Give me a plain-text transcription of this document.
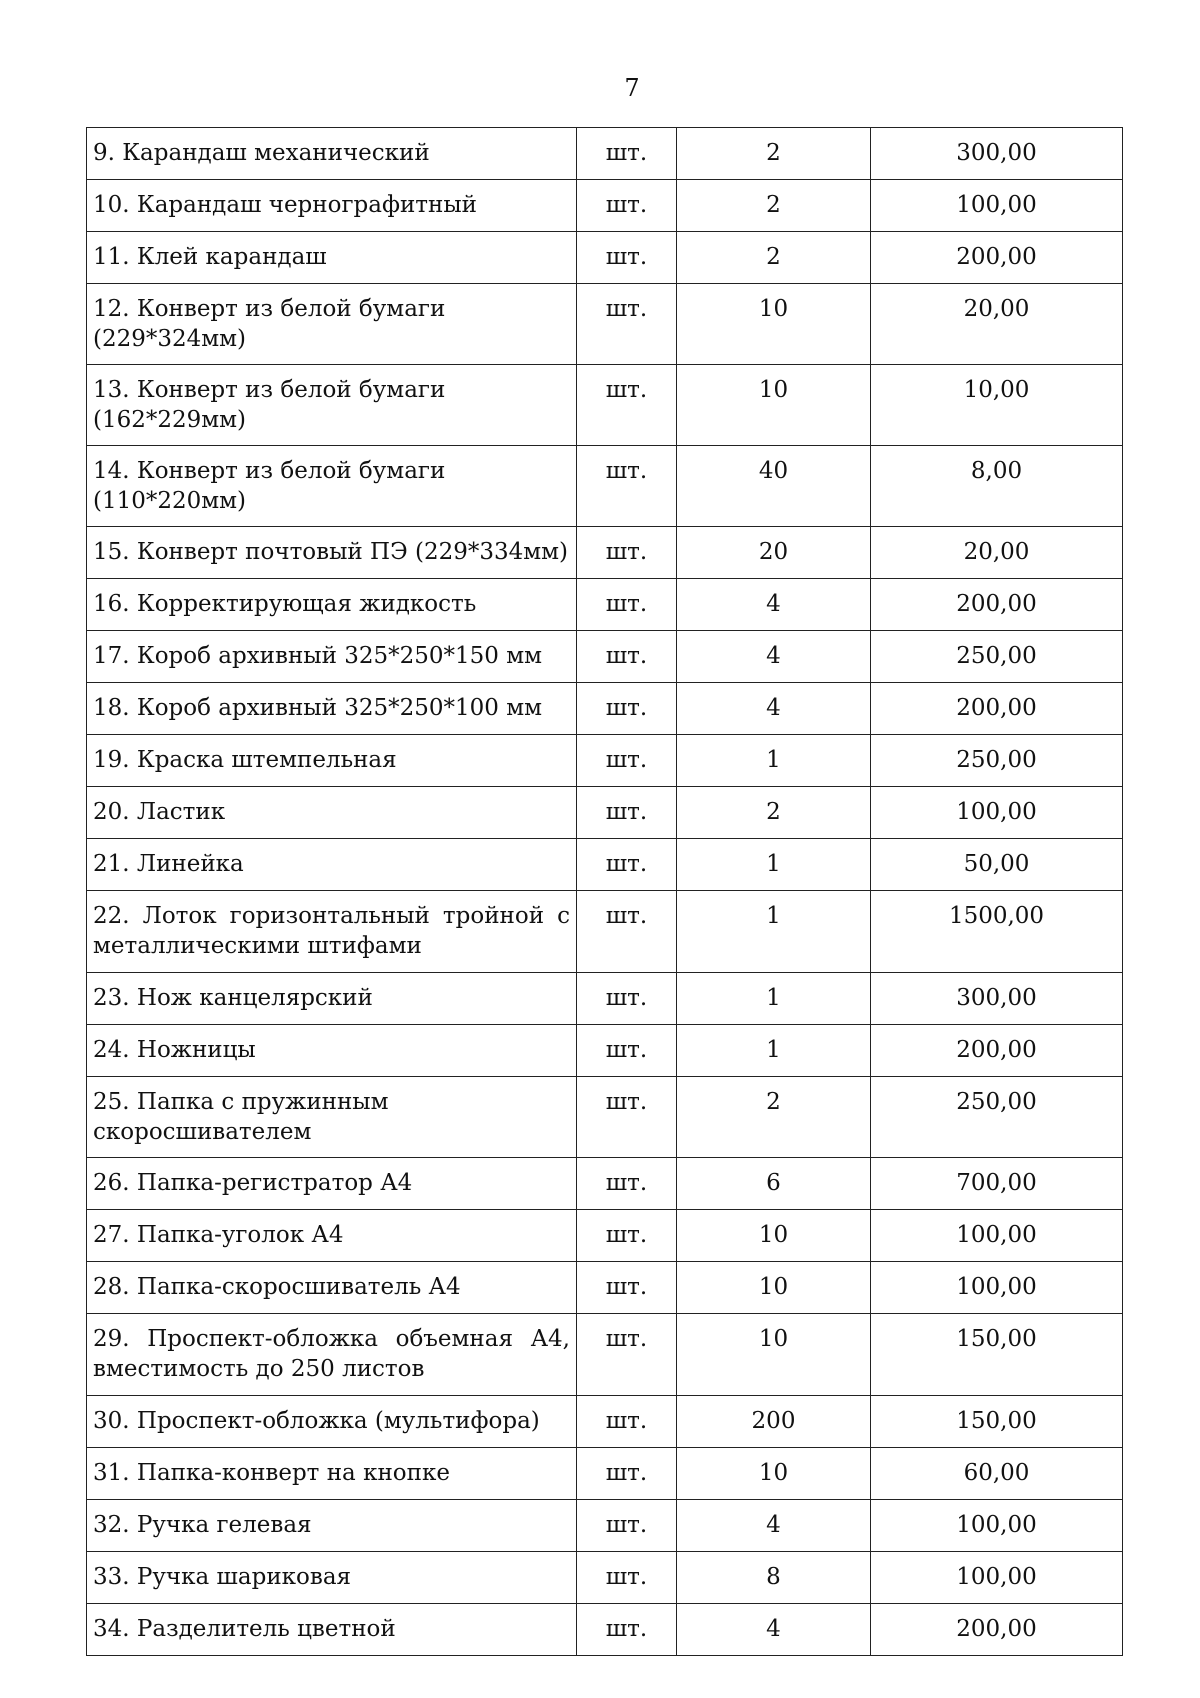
7
9. Карандаш механический	шт.	2	300,00
10. Карандаш чернографитный	шт.	2	100,00
11. Клей карандаш	шт.	2	200,00
12. Конверт из белой бумаги (229*324мм)	шт.	10	20,00
13. Конверт из белой бумаги (162*229мм)	шт.	10	10,00
14. Конверт из белой бумаги (110*220мм)	шт.	40	8,00
15. Конверт почтовый ПЭ (229*334мм)	шт.	20	20,00
16. Корректирующая жидкость	шт.	4	200,00
17. Короб архивный 325*250*150 мм	шт.	4	250,00
18. Короб архивный 325*250*100 мм	шт.	4	200,00
19. Краска штемпельная	шт.	1	250,00
20. Ластик	шт.	2	100,00
21. Линейка	шт.	1	50,00
22. Лоток горизонтальный тройной с металлическими штифами	шт.	1	1500,00
23. Нож канцелярский	шт.	1	300,00
24. Ножницы	шт.	1	200,00
25. Папка с пружинным скоросшивателем	шт.	2	250,00
26. Папка-регистратор А4	шт.	6	700,00
27. Папка-уголок А4	шт.	10	100,00
28. Папка-скоросшиватель А4	шт.	10	100,00
29. Проспект-обложка объемная А4, вместимость до 250 листов	шт.	10	150,00
30. Проспект-обложка (мультифора)	шт.	200	150,00
31. Папка-конверт на кнопке	шт.	10	60,00
32. Ручка гелевая	шт.	4	100,00
33. Ручка шариковая	шт.	8	100,00
34. Разделитель цветной	шт.	4	200,00
